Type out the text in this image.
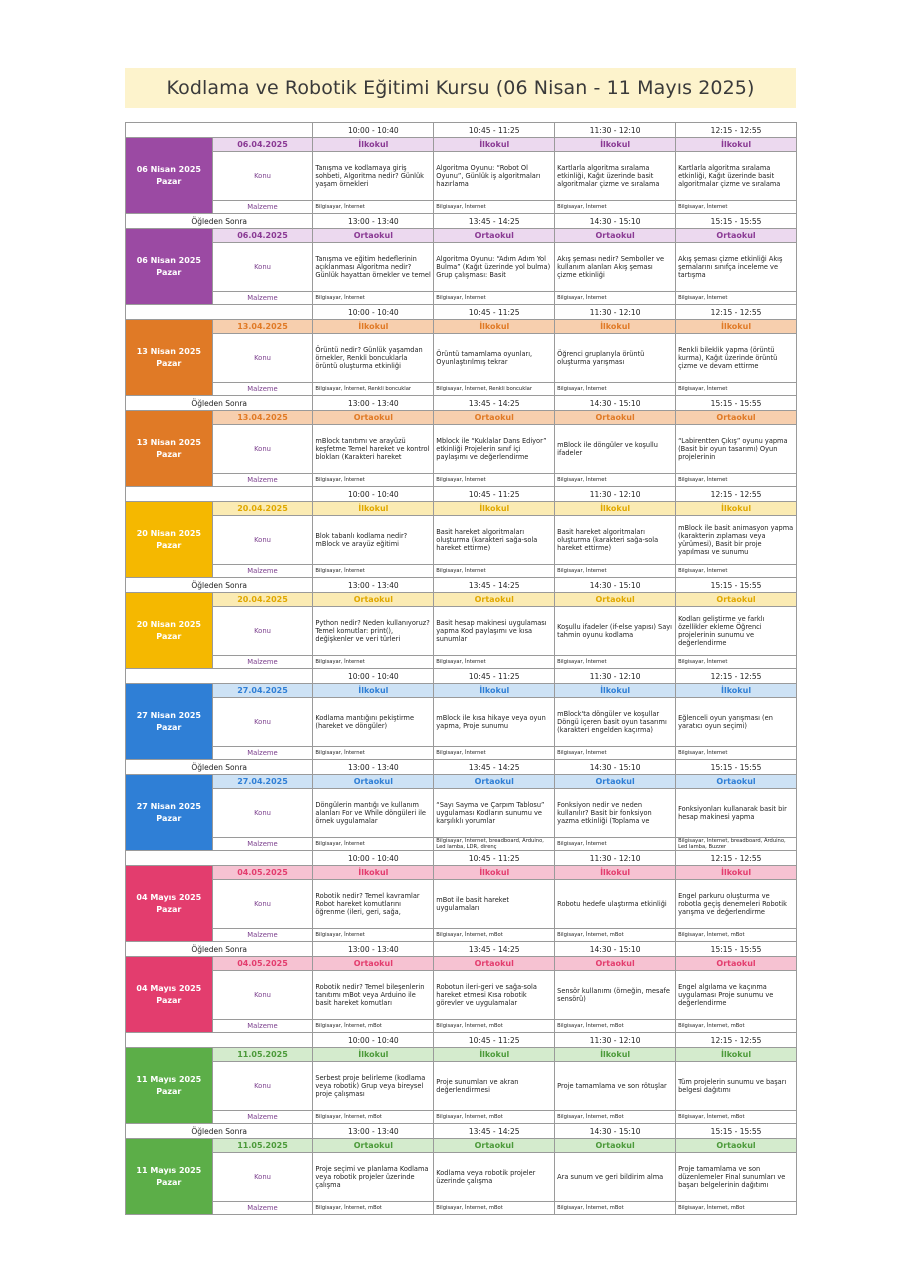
Kodlama ve Robotik Eğitimi Kursu (06 Nisan - 11 Mayıs 2025)
		10:00 - 10:40	10:45 - 11:25	11:30 - 12:10	12:15 - 12:55
06 Nisan 2025 Pazar	06.04.2025	İlkokul	İlkokul	İlkokul	İlkokul
	Konu	Tanışma ve kodlamaya giriş sohbeti, Algoritma nedir? Günlük yaşam örnekleri	Algoritma Oyunu: “Robot Ol Oyunu”, Günlük iş algoritmaları hazırlama	Kartlarla algoritma sıralama etkinliği, Kağıt üzerinde basit algoritmalar çizme ve sıralama	Kartlarla algoritma sıralama etkinliği, Kağıt üzerinde basit algoritmalar çizme ve sıralama
	Malzeme	Bilgisayar, İnternet	Bilgisayar, İnternet	Bilgisayar, İnternet	Bilgisayar, İnternet
Öğleden Sonra		13:00 - 13:40	13:45 - 14:25	14:30 - 15:10	15:15 - 15:55
06 Nisan 2025 Pazar	06.04.2025	Ortaokul	Ortaokul	Ortaokul	Ortaokul
	Konu	Tanışma ve eğitim hedeflerinin açıklanması Algoritma nedir? Günlük hayattan örnekler ve temel	Algoritma Oyunu: “Adım Adım Yol Bulma” (Kağıt üzerinde yol bulma) Grup çalışması: Basit	Akış şeması nedir? Semboller ve kullanım alanları Akış şeması çizme etkinliği	Akış şeması çizme etkinliği Akış şemalarını sınıfça inceleme ve tartışma
	Malzeme	Bilgisayar, İnternet	Bilgisayar, İnternet	Bilgisayar, İnternet	Bilgisayar, İnternet
		10:00 - 10:40	10:45 - 11:25	11:30 - 12:10	12:15 - 12:55
13 Nisan 2025 Pazar	13.04.2025	İlkokul	İlkokul	İlkokul	İlkokul
	Konu	Örüntü nedir? Günlük yaşamdan örnekler, Renkli boncuklarla örüntü oluşturma etkinliği	Örüntü tamamlama oyunları, Oyunlaştırılmış tekrar	Öğrenci gruplarıyla örüntü oluşturma yarışması	Renkli bileklik yapma (örüntü kurma), Kağıt üzerinde örüntü çizme ve devam ettirme
	Malzeme	Bilgisayar, İnternet, Renkli boncuklar	Bilgisayar, İnternet, Renkli boncuklar	Bilgisayar, İnternet	Bilgisayar, İnternet
Öğleden Sonra		13:00 - 13:40	13:45 - 14:25	14:30 - 15:10	15:15 - 15:55
13 Nisan 2025 Pazar	13.04.2025	Ortaokul	Ortaokul	Ortaokul	Ortaokul
	Konu	mBlock tanıtımı ve arayüzü keşfetme Temel hareket ve kontrol blokları (Karakteri hareket	Mblock ile “Kuklalar Dans Ediyor” etkinliği Projelerin sınıf içi paylaşımı ve değerlendirme	mBlock ile döngüler ve koşullu ifadeler	“Labirentten Çıkış” oyunu yapma (Basit bir oyun tasarımı) Oyun projelerinin
	Malzeme	Bilgisayar, İnternet	Bilgisayar, İnternet	Bilgisayar, İnternet	Bilgisayar, İnternet
		10:00 - 10:40	10:45 - 11:25	11:30 - 12:10	12:15 - 12:55
20 Nisan 2025 Pazar	20.04.2025	İlkokul	İlkokul	İlkokul	İlkokul
	Konu	Blok tabanlı kodlama nedir? mBlock ve arayüz eğitimi	Basit hareket algoritmaları oluşturma (karakteri sağa-sola hareket ettirme)	Basit hareket algoritmaları oluşturma (karakteri sağa-sola hareket ettirme)	mBlock ile basit animasyon yapma (karakterin zıplaması veya yürümesi), Basit bir proje yapılması ve sunumu
	Malzeme	Bilgisayar, İnternet	Bilgisayar, İnternet	Bilgisayar, İnternet	Bilgisayar, İnternet
Öğleden Sonra		13:00 - 13:40	13:45 - 14:25	14:30 - 15:10	15:15 - 15:55
20 Nisan 2025 Pazar	20.04.2025	Ortaokul	Ortaokul	Ortaokul	Ortaokul
	Konu	Python nedir? Neden kullanıyoruz? Temel komutlar: print(), değişkenler ve veri türleri	Basit hesap makinesi uygulaması yapma Kod paylaşımı ve kısa sunumlar	Koşullu ifadeler (if-else yapısı) Sayı tahmin oyunu kodlama	Kodları geliştirme ve farklı özellikler ekleme Öğrenci projelerinin sunumu ve değerlendirme
	Malzeme	Bilgisayar, İnternet	Bilgisayar, İnternet	Bilgisayar, İnternet	Bilgisayar, İnternet
		10:00 - 10:40	10:45 - 11:25	11:30 - 12:10	12:15 - 12:55
27 Nisan 2025 Pazar	27.04.2025	İlkokul	İlkokul	İlkokul	İlkokul
	Konu	Kodlama mantığını pekiştirme (hareket ve döngüler)	mBlock ile kısa hikaye veya oyun yapma, Proje sunumu	mBlock'ta döngüler ve koşullar Döngü içeren basit oyun tasarımı (karakteri engelden kaçırma)	Eğlenceli oyun yarışması (en yaratıcı oyun seçimi)
	Malzeme	Bilgisayar, İnternet	Bilgisayar, İnternet	Bilgisayar, İnternet	Bilgisayar, İnternet
Öğleden Sonra		13:00 - 13:40	13:45 - 14:25	14:30 - 15:10	15:15 - 15:55
27 Nisan 2025 Pazar	27.04.2025	Ortaokul	Ortaokul	Ortaokul	Ortaokul
	Konu	Döngülerin mantığı ve kullanım alanları For ve While döngüleri ile örnek uygulamalar	“Sayı Sayma ve Çarpım Tablosu” uygulaması Kodların sunumu ve karşılıklı yorumlar	Fonksiyon nedir ve neden kullanılır? Basit bir fonksiyon yazma etkinliği (Toplama ve	Fonksiyonları kullanarak basit bir hesap makinesi yapma
	Malzeme	Bilgisayar, İnternet	Bilgisayar, İnternet, breadboard, Arduino, Led lamba, LDR, direnç	Bilgisayar, İnternet	Bilgisayar, İnternet, breadboard, Arduino, Led lamba, Buzzer
		10:00 - 10:40	10:45 - 11:25	11:30 - 12:10	12:15 - 12:55
04 Mayıs 2025 Pazar	04.05.2025	İlkokul	İlkokul	İlkokul	İlkokul
	Konu	Robotik nedir? Temel kavramlar Robot hareket komutlarını öğrenme (ileri, geri, sağa,	mBot ile basit hareket uygulamaları	Robotu hedefe ulaştırma etkinliği	Engel parkuru oluşturma ve robotla geçiş denemeleri Robotik yarışma ve değerlendirme
	Malzeme	Bilgisayar, İnternet	Bilgisayar, İnternet, mBot	Bilgisayar, İnternet, mBot	Bilgisayar, İnternet, mBot
Öğleden Sonra		13:00 - 13:40	13:45 - 14:25	14:30 - 15:10	15:15 - 15:55
04 Mayıs 2025 Pazar	04.05.2025	Ortaokul	Ortaokul	Ortaokul	Ortaokul
	Konu	Robotik nedir? Temel bileşenlerin tanıtımı mBot veya Arduino ile basit hareket komutları	Robotun ileri-geri ve sağa-sola hareket etmesi Kısa robotik görevler ve uygulamalar	Sensör kullanımı (örneğin, mesafe sensörü)	Engel algılama ve kaçınma uygulaması Proje sunumu ve değerlendirme
	Malzeme	Bilgisayar, İnternet, mBot	Bilgisayar, İnternet, mBot	Bilgisayar, İnternet, mBot	Bilgisayar, İnternet, mBot
		10:00 - 10:40	10:45 - 11:25	11:30 - 12:10	12:15 - 12:55
11 Mayıs 2025 Pazar	11.05.2025	İlkokul	İlkokul	İlkokul	İlkokul
	Konu	Serbest proje belirleme (kodlama veya robotik) Grup veya bireysel proje çalışması	Proje sunumları ve akran değerlendirmesi	Proje tamamlama ve son rötuşlar	Tüm projelerin sunumu ve başarı belgesi dağıtımı
	Malzeme	Bilgisayar, İnternet, mBot	Bilgisayar, İnternet, mBot	Bilgisayar, İnternet, mBot	Bilgisayar, İnternet, mBot
Öğleden Sonra		13:00 - 13:40	13:45 - 14:25	14:30 - 15:10	15:15 - 15:55
11 Mayıs 2025 Pazar	11.05.2025	Ortaokul	Ortaokul	Ortaokul	Ortaokul
	Konu	Proje seçimi ve planlama Kodlama veya robotik projeler üzerinde çalışma	Kodlama veya robotik projeler üzerinde çalışma	Ara sunum ve geri bildirim alma	Proje tamamlama ve son düzenlemeler Final sunumları ve başarı belgelerinin dağıtımı
	Malzeme	Bilgisayar, İnternet, mBot	Bilgisayar, İnternet, mBot	Bilgisayar, İnternet, mBot	Bilgisayar, İnternet, mBot
